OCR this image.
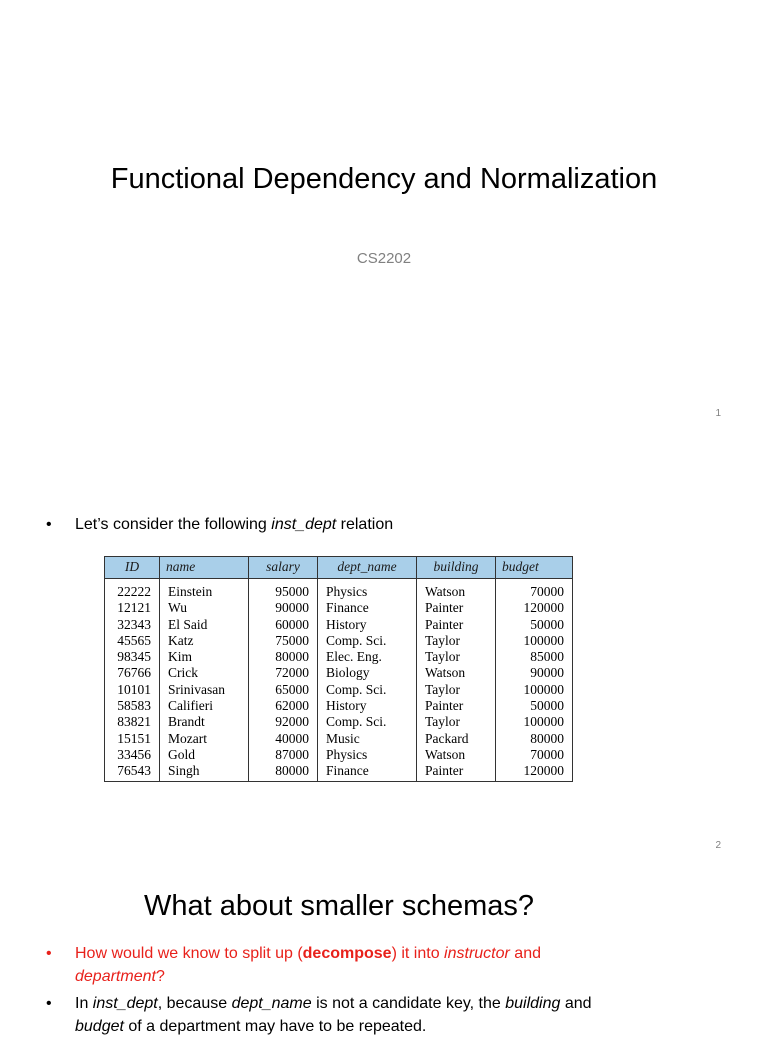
Functional Dependency and Normalization
CS2202
1
• Let’s consider the following inst_dept relation
ID	name	salary	dept_name	building	budget
22222	Einstein	95000	Physics	Watson	70000
12121	Wu	90000	Finance	Painter	120000
32343	El Said	60000	History	Painter	50000
45565	Katz	75000	Comp. Sci.	Taylor	100000
98345	Kim	80000	Elec. Eng.	Taylor	85000
76766	Crick	72000	Biology	Watson	90000
10101	Srinivasan	65000	Comp. Sci.	Taylor	100000
58583	Califieri	62000	History	Painter	50000
83821	Brandt	92000	Comp. Sci.	Taylor	100000
15151	Mozart	40000	Music	Packard	80000
33456	Gold	87000	Physics	Watson	70000
76543	Singh	80000	Finance	Painter	120000
2
What about smaller schemas?
• How would we know to split up (decompose) it into instructor and
department?
• In inst_dept, because dept_name is not a candidate key, the building and
budget of a department may have to be repeated.
